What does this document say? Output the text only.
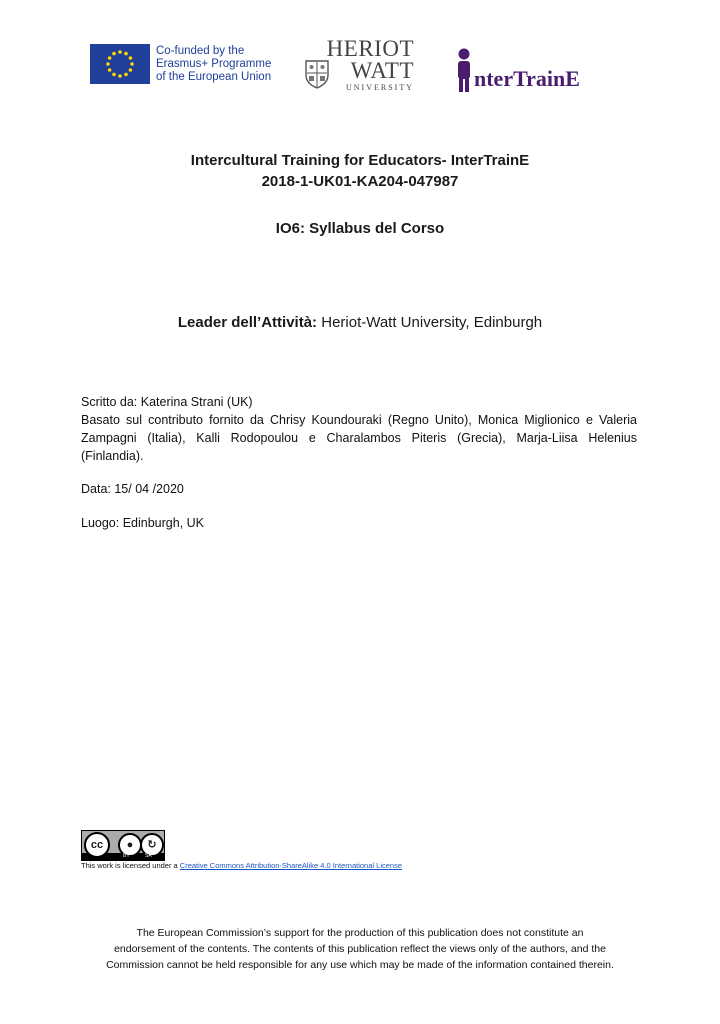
Co-funded by the
Erasmus+ Programme
of the European Union
HERIOT
WATT
UNIVERSITY	nterTrainE
Intercultural Training for Educators- InterTrainE
2018-1-UK01-KA204-047987
IO6: Syllabus del Corso
Leader dell’Attività: Heriot-Watt University, Edinburgh
Scritto da: Katerina Strani (UK)
Basato sul contributo fornito da Chrisy Koundouraki (Regno Unito), Monica Miglionico e Valeria Zampagni (Italia), Kalli Rodopoulou e Charalambos Piteris (Grecia), Marja-Liisa Helenius (Finlandia).
Data: 15/ 04 /2020
Luogo: Edinburgh, UK
cc	●	↻
BY	SA
This work is licensed under a Creative Commons Attribution-ShareAlike 4.0 International License
The European Commission’s support for the production of this publication does not constitute an
endorsement of the contents. The contents of this publication reflect the views only of the authors, and the
Commission cannot be held responsible for any use which may be made of the information contained therein.
